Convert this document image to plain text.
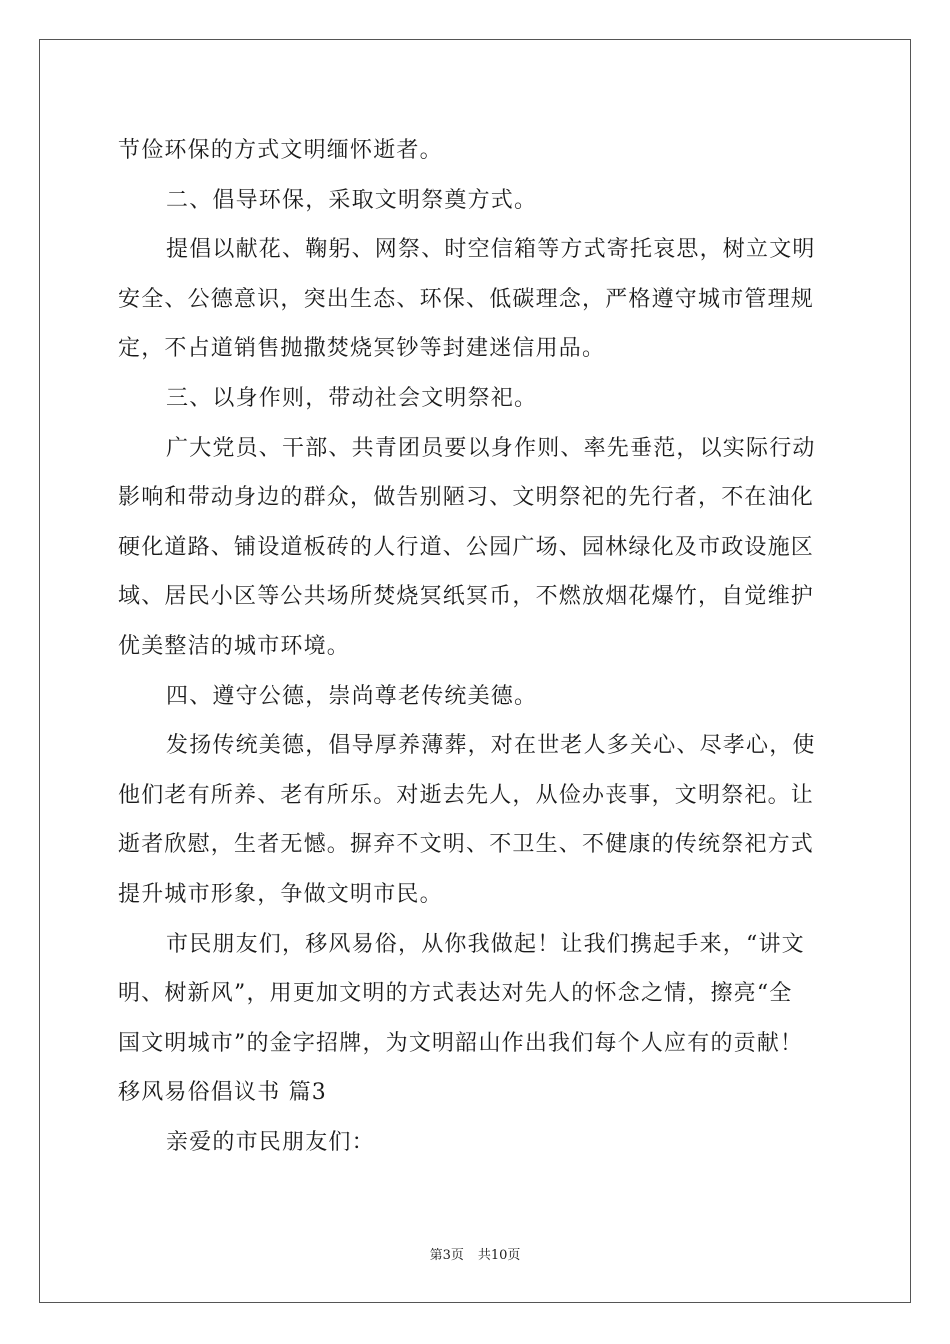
节俭环保的方式文明缅怀逝者。
二、倡导环保，采取文明祭奠方式。
提倡以献花、鞠躬、网祭、时空信箱等方式寄托哀思，树立文明
安全、公德意识，突出生态、环保、低碳理念，严格遵守城市管理规
定，不占道销售抛撒焚烧冥钞等封建迷信用品。
三、以身作则，带动社会文明祭祀。
广大党员、干部、共青团员要以身作则、率先垂范，以实际行动
影响和带动身边的群众，做告别陋习、文明祭祀的先行者，不在油化
硬化道路、铺设道板砖的人行道、公园广场、园林绿化及市政设施区
域、居民小区等公共场所焚烧冥纸冥币，不燃放烟花爆竹，自觉维护
优美整洁的城市环境。
四、遵守公德，崇尚尊老传统美德。
发扬传统美德，倡导厚养薄葬，对在世老人多关心、尽孝心，使
他们老有所养、老有所乐。对逝去先人，从俭办丧事，文明祭祀。让
逝者欣慰，生者无憾。摒弃不文明、不卫生、不健康的传统祭祀方式
提升城市形象，争做文明市民。
市民朋友们，移风易俗，从你我做起！让我们携起手来，“讲文
明、树新风”，用更加文明的方式表达对先人的怀念之情，擦亮“全
国文明城市”的金字招牌，为文明韶山作出我们每个人应有的贡献！
移风易俗倡议书 篇3
亲爱的市民朋友们：
第3页 共10页
